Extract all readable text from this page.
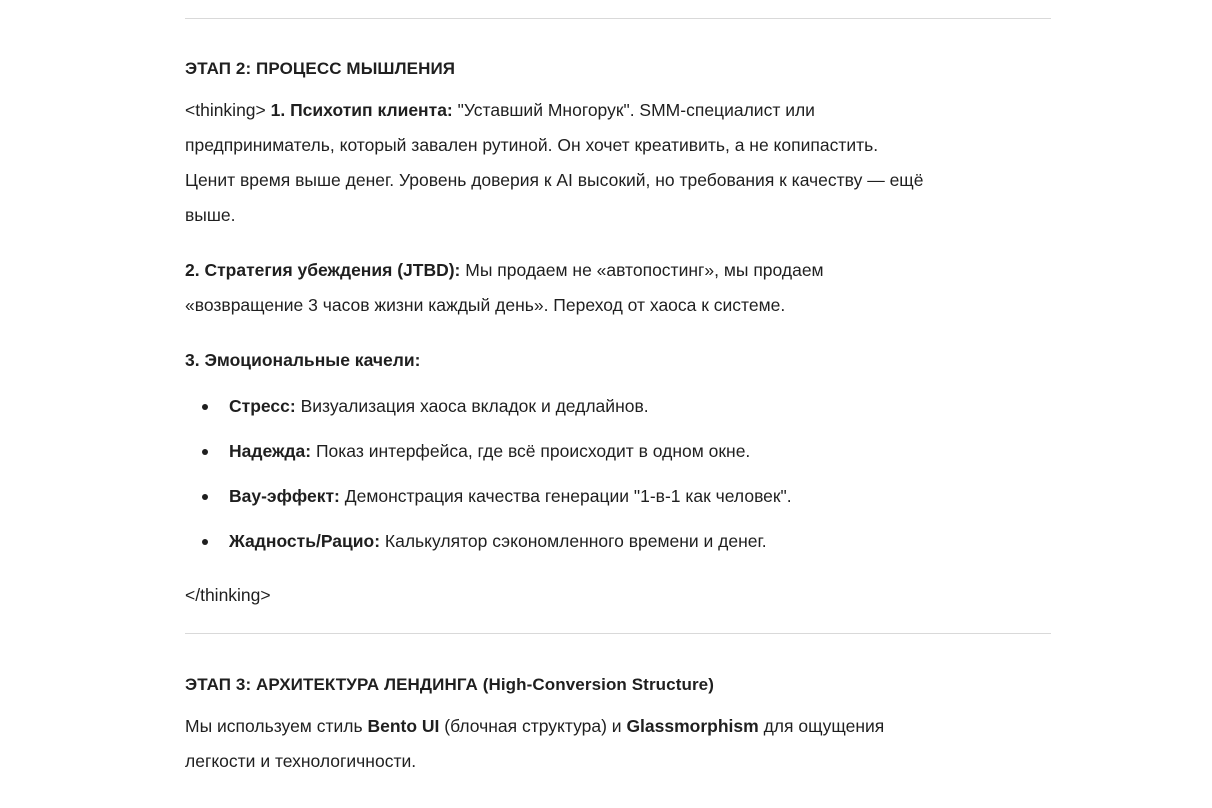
ЭТАП 2: ПРОЦЕСС МЫШЛЕНИЯ
<thinking> 1. Психотип клиента: "Уставший Многорук". SMM-специалист или
предприниматель, который завален рутиной. Он хочет креативить, а не копипастить.
Ценит время выше денег. Уровень доверия к AI высокий, но требования к качеству — ещё
выше.
2. Стратегия убеждения (JTBD): Мы продаем не «автопостинг», мы продаем
«возвращение 3 часов жизни каждый день». Переход от хаоса к системе.
3. Эмоциональные качели:
Стресс: Визуализация хаоса вкладок и дедлайнов.
Надежда: Показ интерфейса, где всё происходит в одном окне.
Вау-эффект: Демонстрация качества генерации "1-в-1 как человек".
Жадность/Рацио: Калькулятор сэкономленного времени и денег.
</thinking>
ЭТАП 3: АРХИТЕКТУРА ЛЕНДИНГА (High-Conversion Structure)
Мы используем стиль Bento UI (блочная структура) и Glassmorphism для ощущения
легкости и технологичности.
